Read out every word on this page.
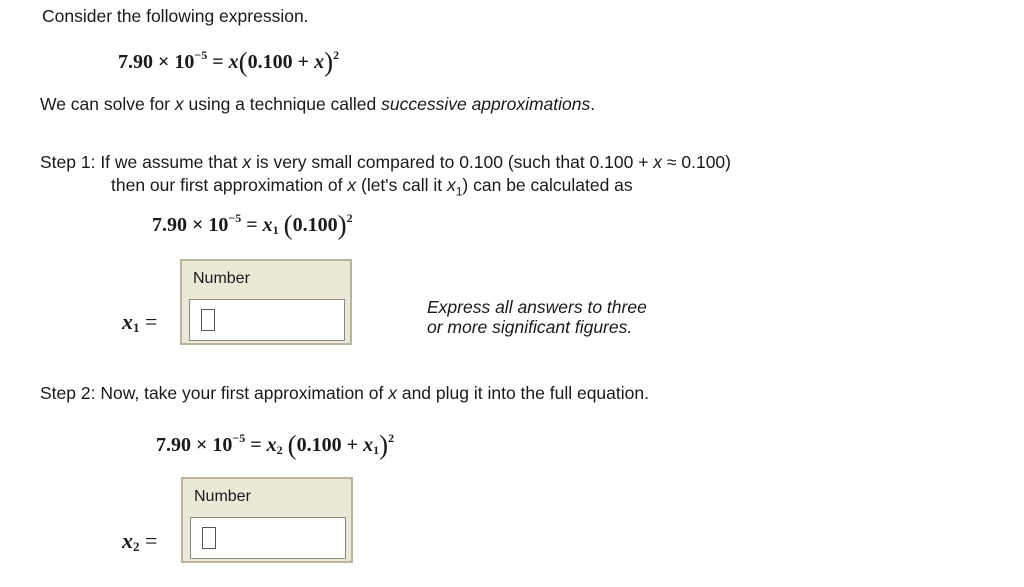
Consider the following expression.
$7.90 \times 10^{-5} = x(0.100 + x)^2$
We can solve for x using a technique called successive approximations.
Step 1: If we assume that x is very small compared to 0.100 (such that 0.100 + x ≈ 0.100)
then our first approximation of x (let's call it $x_1$) can be calculated as
$7.90 \times 10^{-5} = x_1$ $(0.100)^2$
$x_1$ =
Number
Express all answers to three
or more significant figures.
Step 2: Now, take your first approximation of x and plug it into the full equation.
$7.90 \times 10^{-5} = x_2$ $(0.100 + x_1)^2$
$x_2$ =
Number
